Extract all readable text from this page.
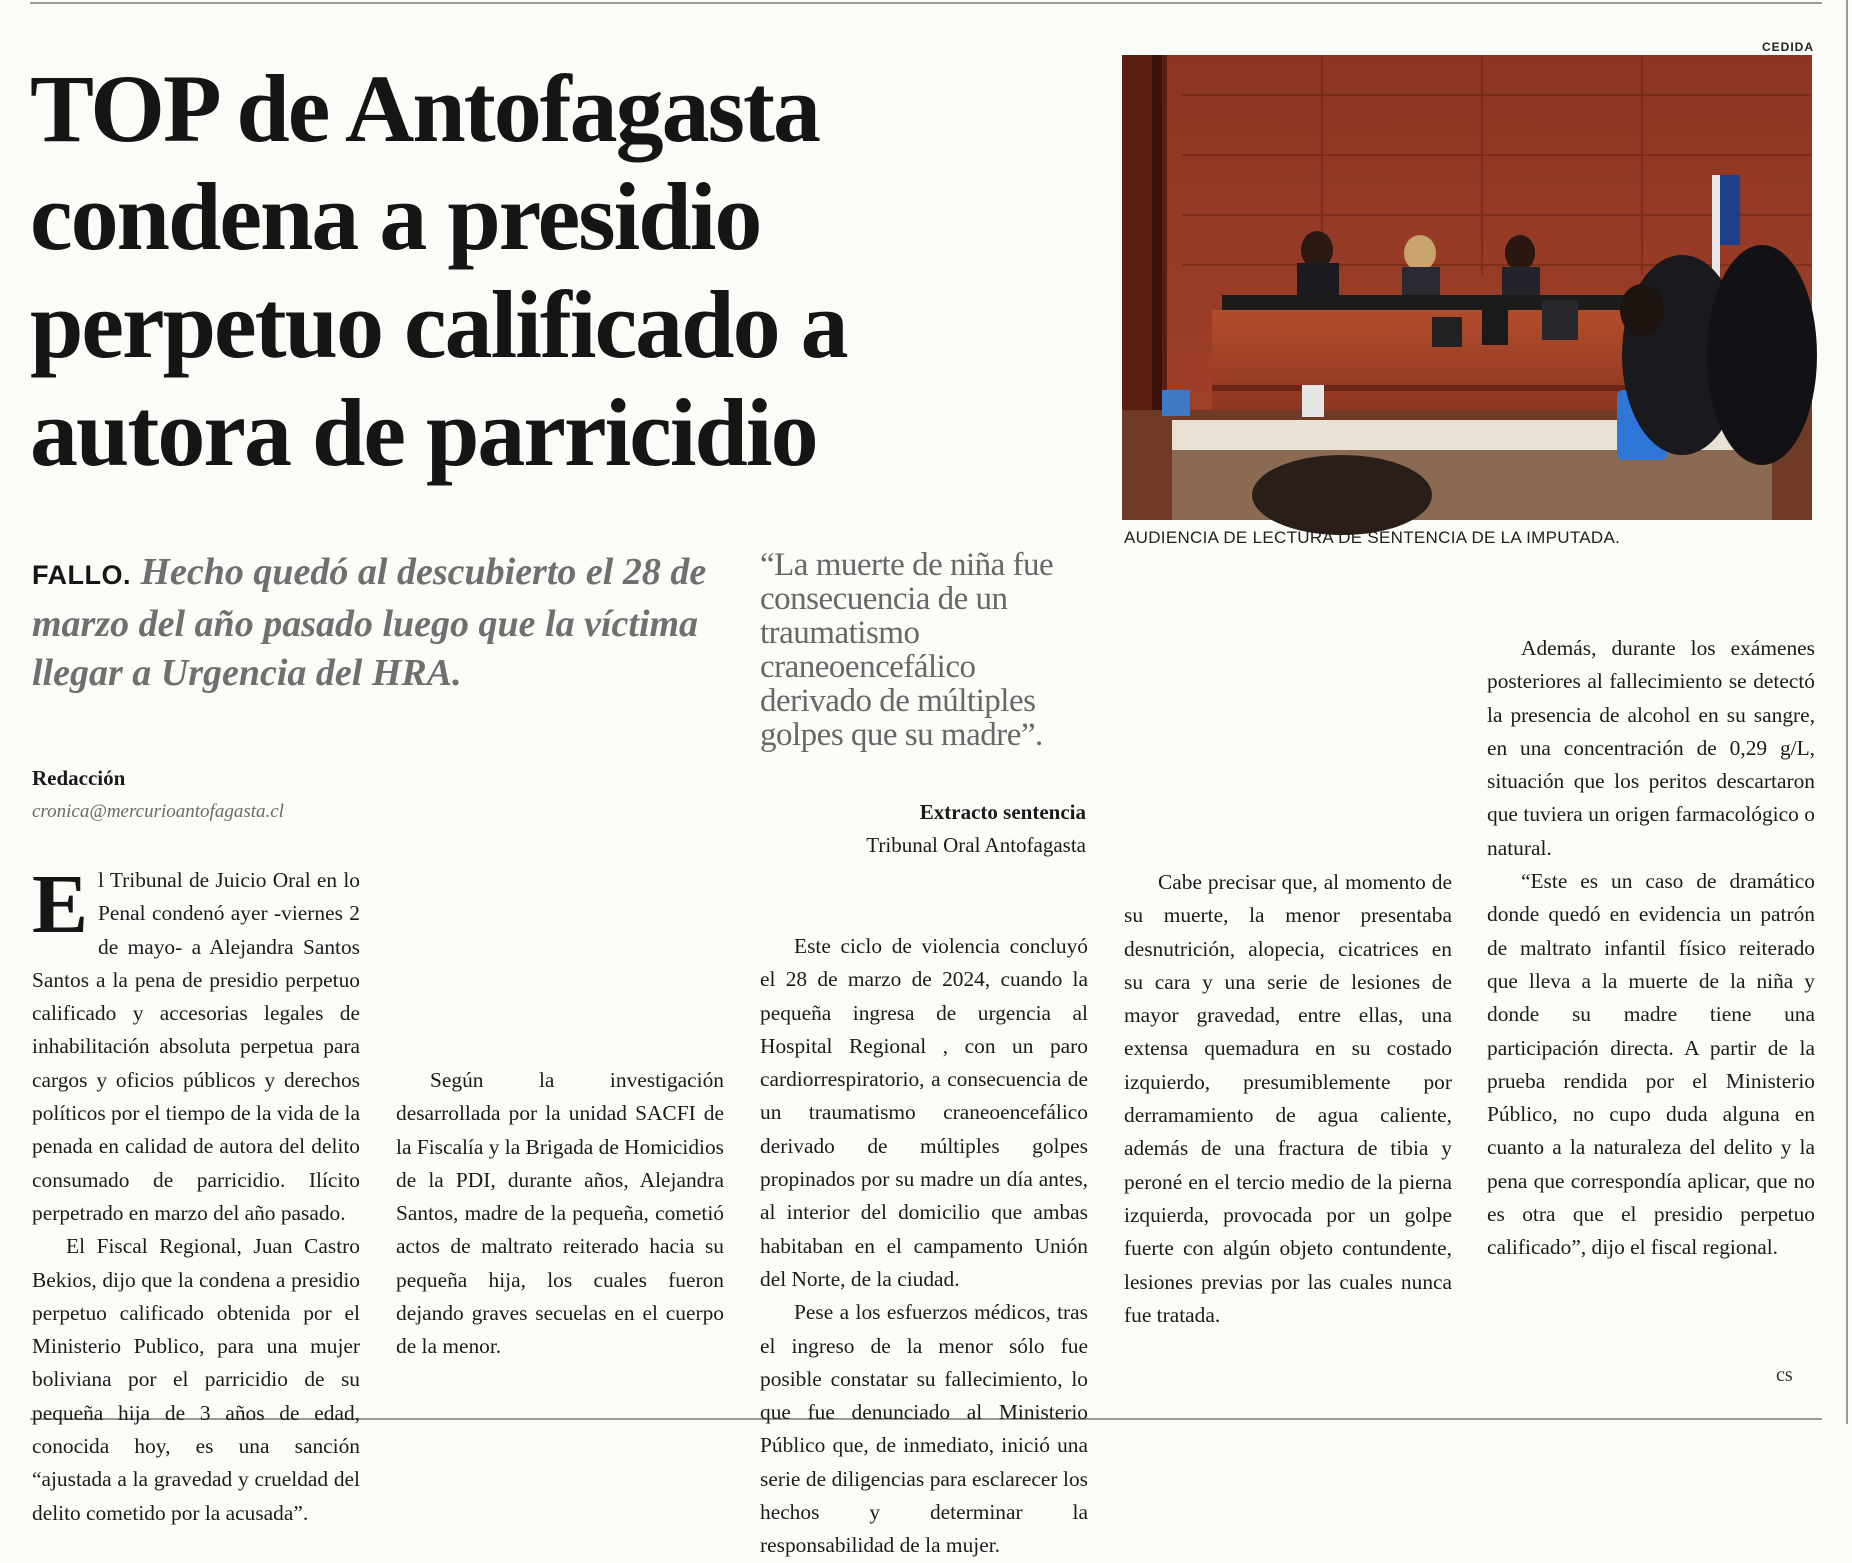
TOP de Antofagasta condena a presidio perpetuo calificado a autora de parricidio
CEDIDA
AUDIENCIA DE LECTURA DE SENTENCIA DE LA IMPUTADA.
FALLO. Hecho quedó al descubierto el 28 de marzo del año pasado luego que la víctima llegar a Urgencia del HRA.
“La muerte de niña fue consecuencia de un traumatismo craneoencefálico derivado de múltiples golpes que su madre”.
Extracto sentencia
Tribunal Oral Antofagasta
Redacción
cronica@mercurioantofagasta.cl

El Tribunal de Juicio Oral en lo Penal condenó ayer -viernes 2 de mayo- a Alejandra Santos Santos a la pena de presidio perpetuo calificado y accesorias legales de inhabilitación absoluta perpetua para cargos y oficios públicos y derechos políticos por el tiempo de la vida de la penada en calidad de autora del delito consumado de parricidio. Ilícito perpetrado en marzo del año pasado.

El Fiscal Regional, Juan Castro Bekios, dijo que la condena a presidio perpetuo calificado obtenida por el Ministerio Publico, para una mujer boliviana por el parricidio de su pequeña hija de 3 años de edad, conocida hoy, es una sanción “ajustada a la gravedad y crueldad del delito cometido por la acusada”.

Según la investigación desarrollada por la unidad SACFI de la Fiscalía y la Brigada de Homicidios de la PDI, durante años, Alejandra Santos, madre de la pequeña, cometió actos de maltrato reiterado hacia su pequeña hija, los cuales fueron dejando graves secuelas en el cuerpo de la menor.

Este ciclo de violencia concluyó el 28 de marzo de 2024, cuando la pequeña ingresa de urgencia al Hospital Regional , con un paro cardiorrespiratorio, a consecuencia de un traumatismo craneoencefálico derivado de múltiples golpes propinados por su madre un día antes, al interior del domicilio que ambas habitaban en el campamento Unión del Norte, de la ciudad.

Pese a los esfuerzos médicos, tras el ingreso de la menor sólo fue posible constatar su fallecimiento, lo que fue denunciado al Ministerio Público que, de inmediato, inició una serie de diligencias para esclarecer los hechos y determinar la responsabilidad de la mujer.

Cabe precisar que, al momento de su muerte, la menor presentaba desnutrición, alopecia, cicatrices en su cara y una serie de lesiones de mayor gravedad, entre ellas, una extensa quemadura en su costado izquierdo, presumiblemente por derramamiento de agua caliente, además de una fractura de tibia y peroné en el tercio medio de la pierna izquierda, provocada por un golpe fuerte con algún objeto contundente, lesiones previas por las cuales nunca fue tratada.

Además, durante los exámenes posteriores al fallecimiento se detectó la presencia de alcohol en su sangre, en una concentración de 0,29 g/L, situación que los peritos descartaron que tuviera un origen farmacológico o natural.

“Este es un caso de dramático donde quedó en evidencia un patrón de maltrato infantil físico reiterado que lleva a la muerte de la niña y donde su madre tiene una participación directa. A partir de la prueba rendida por el Ministerio Público, no cupo duda alguna en cuanto a la naturaleza del delito y la pena que correspondía aplicar, que no es otra que el presidio perpetuo calificado”, dijo el fiscal regional.

cs
